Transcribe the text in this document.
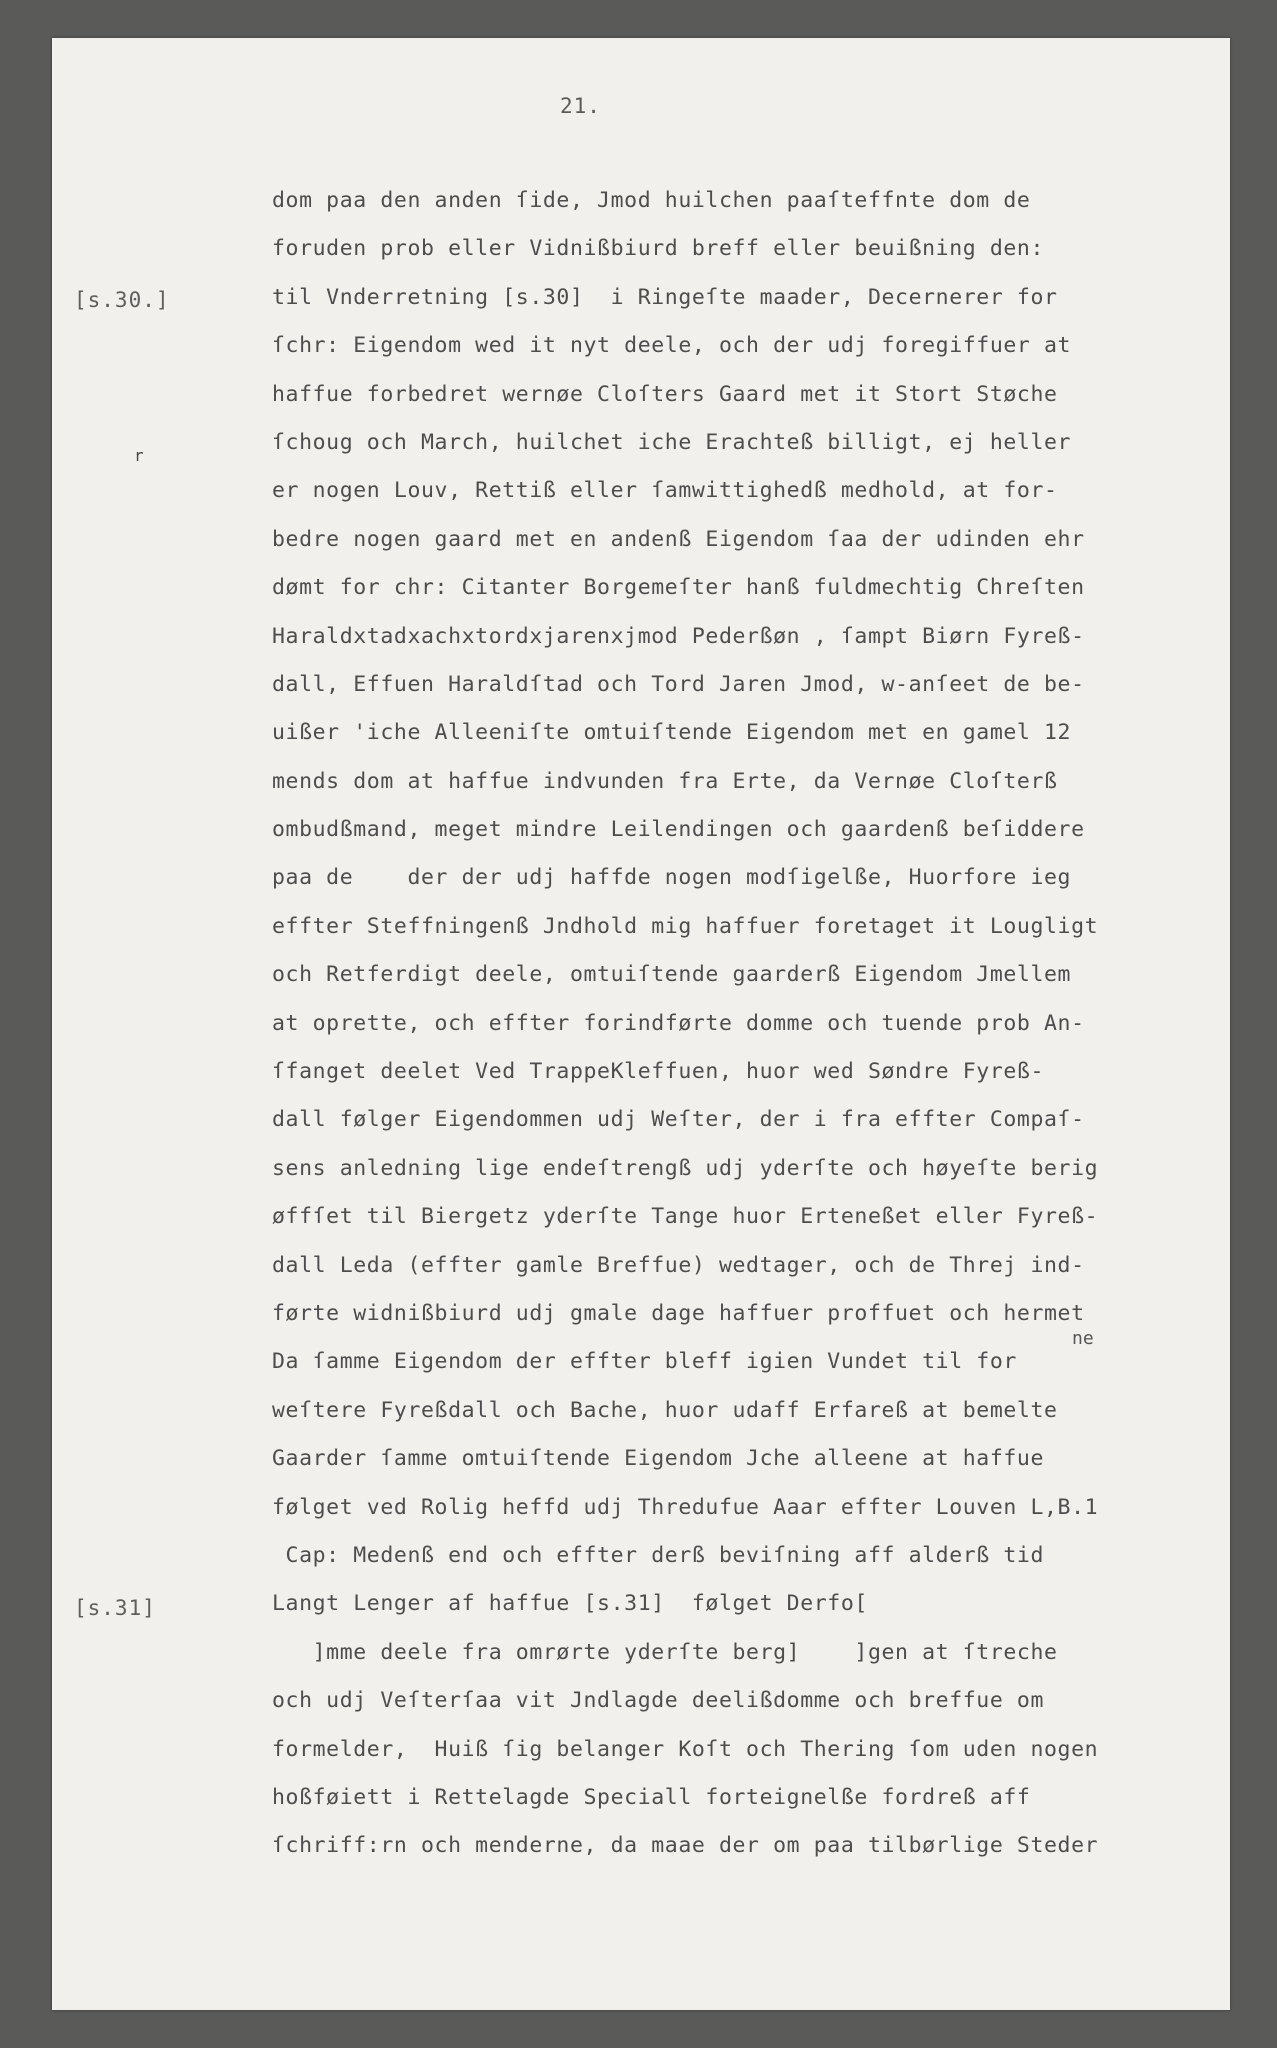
21.
[s.30.]
[s.31]
r
ne
dom paa den anden ſide, Jmod huilchen paaſteffnte dom de
foruden prob eller Vidnißbiurd breff eller beuißning den:
til Vnderretning [s.30]  i Ringeſte maader, Decernerer for
ſchr: Eigendom wed it nyt deele, och der udj foregiffuer at
haffue forbedret wernøe Cloſters Gaard met it Stort Støche
ſchoug och March, huilchet iche Erachteß billigt, ej heller
er nogen Louv, Rettiß eller ſamwittighedß medhold, at for-
bedre nogen gaard met en andenß Eigendom ſaa der udinden ehr
dømt for chr: Citanter Borgemeſter hanß fuldmechtig Chreſten
Haraldxtadxachxtordxjarenxjmod Pederßøn , ſampt Biørn Fyreß-
dall, Effuen Haraldſtad och Tord Jaren Jmod, w-anſeet de be-
uißer 'iche Alleeniſte omtuiſtende Eigendom met en gamel 12
mends dom at haffue indvunden fra Erte, da Vernøe Cloſterß
ombudßmand, meget mindre Leilendingen och gaardenß beſiddere
paa de    der der udj haffde nogen modſigelße, Huorfore ieg
effter Steffningenß Jndhold mig haffuer foretaget it Lougligt
och Retferdigt deele, omtuiſtende gaarderß Eigendom Jmellem
at oprette, och effter forindførte domme och tuende prob An-
ſfanget deelet Ved TrappeKleffuen, huor wed Søndre Fyreß-
dall følger Eigendommen udj Weſter, der i fra effter Compaſ-
sens anledning lige endeſtrengß udj yderſte och høyeſte berig
øffſet til Biergetz yderſte Tange huor Erteneßet eller Fyreß-
dall Leda (effter gamle Breffue) wedtager, och de Threj ind-
førte widnißbiurd udj gmale dage haffuer proffuet och hermet
Da ſamme Eigendom der effter bleff igien Vundet til for
weſtere Fyreßdall och Bache, huor udaff Erfareß at bemelte
Gaarder ſamme omtuiſtende Eigendom Jche alleene at haffue
følget ved Rolig heffd udj Thredufue Aaar effter Louven L,B.1
Cap: Medenß end och effter derß beviſning aff alderß tid
Langt Lenger af haffue [s.31]  følget Derfo[
]mme deele fra omrørte yderſte berg]    ]gen at ſtreche
och udj Veſterſaa vit Jndlagde deelißdomme och breffue om
formelder,  Huiß ſig belanger Koſt och Thering ſom uden nogen
hoßføiett i Rettelagde Speciall forteignelße fordreß aff
ſchriff:rn och menderne, da maae der om paa tilbørlige Steder
